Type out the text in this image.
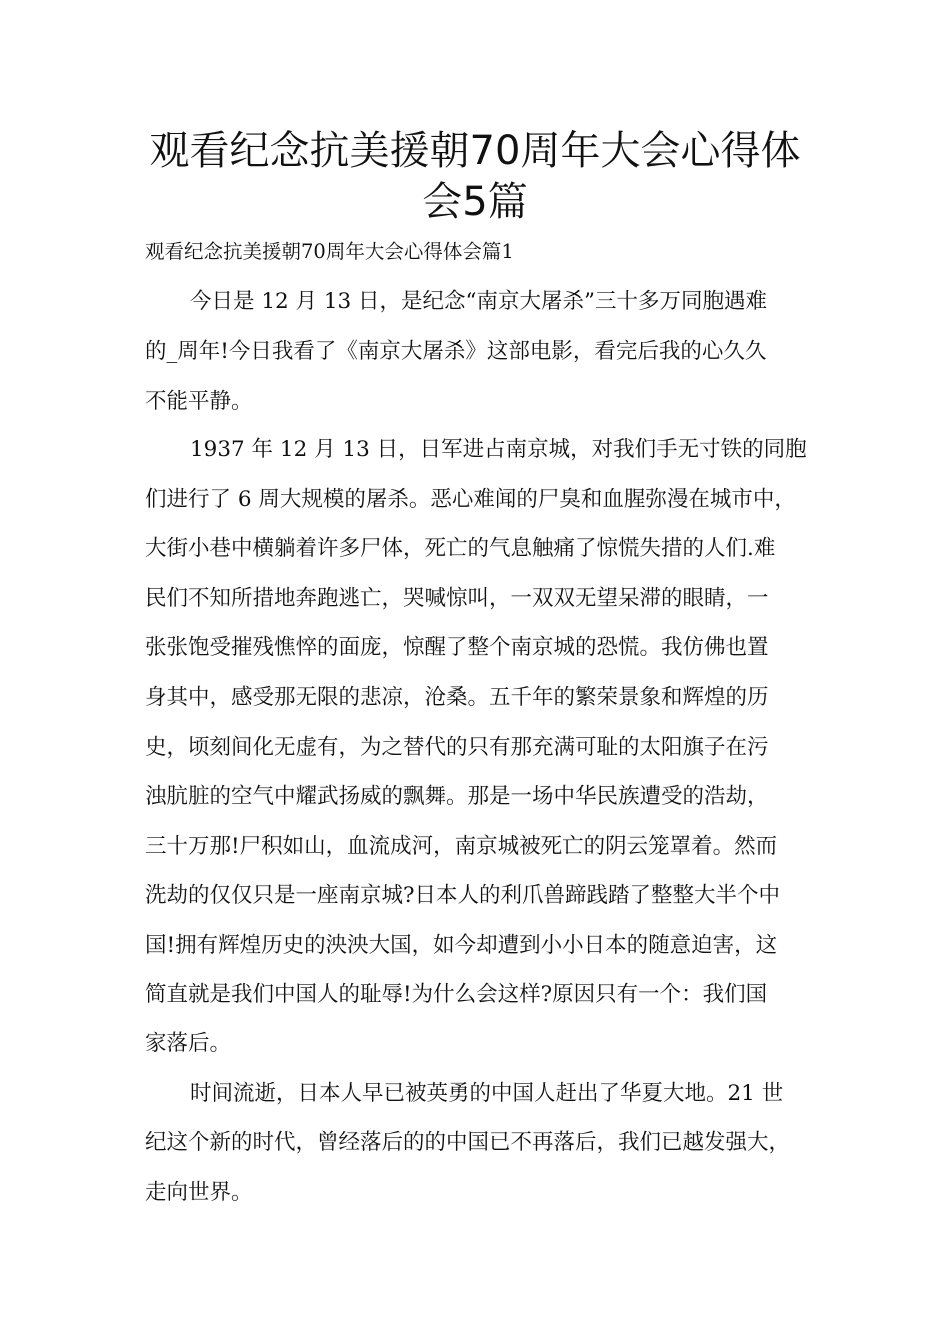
观看纪念抗美援朝70周年大会心得体
会5篇
观看纪念抗美援朝70周年大会心得体会篇1
今日是 12 月 13 日，是纪念“南京大屠杀”三十多万同胞遇难
的_周年!今日我看了《南京大屠杀》这部电影，看完后我的心久久
不能平静。
1937 年 12 月 13 日，日军进占南京城，对我们手无寸铁的同胞
们进行了 6 周大规模的屠杀。恶心难闻的尸臭和血腥弥漫在城市中，
大街小巷中横躺着许多尸体，死亡的气息触痛了惊慌失措的人们.难
民们不知所措地奔跑逃亡，哭喊惊叫，一双双无望呆滞的眼睛，一
张张饱受摧残憔悴的面庞，惊醒了整个南京城的恐慌。我仿佛也置
身其中，感受那无限的悲凉，沧桑。五千年的繁荣景象和辉煌的历
史，顷刻间化无虚有，为之替代的只有那充满可耻的太阳旗子在污
浊肮脏的空气中耀武扬威的飘舞。那是一场中华民族遭受的浩劫，
三十万那!尸积如山，血流成河，南京城被死亡的阴云笼罩着。然而
洗劫的仅仅只是一座南京城?日本人的利爪兽蹄践踏了整整大半个中
国!拥有辉煌历史的泱泱大国，如今却遭到小小日本的随意迫害，这
简直就是我们中国人的耻辱!为什么会这样?原因只有一个：我们国
家落后。
时间流逝，日本人早已被英勇的中国人赶出了华夏大地。21 世
纪这个新的时代，曾经落后的的中国已不再落后，我们已越发强大，
走向世界。
